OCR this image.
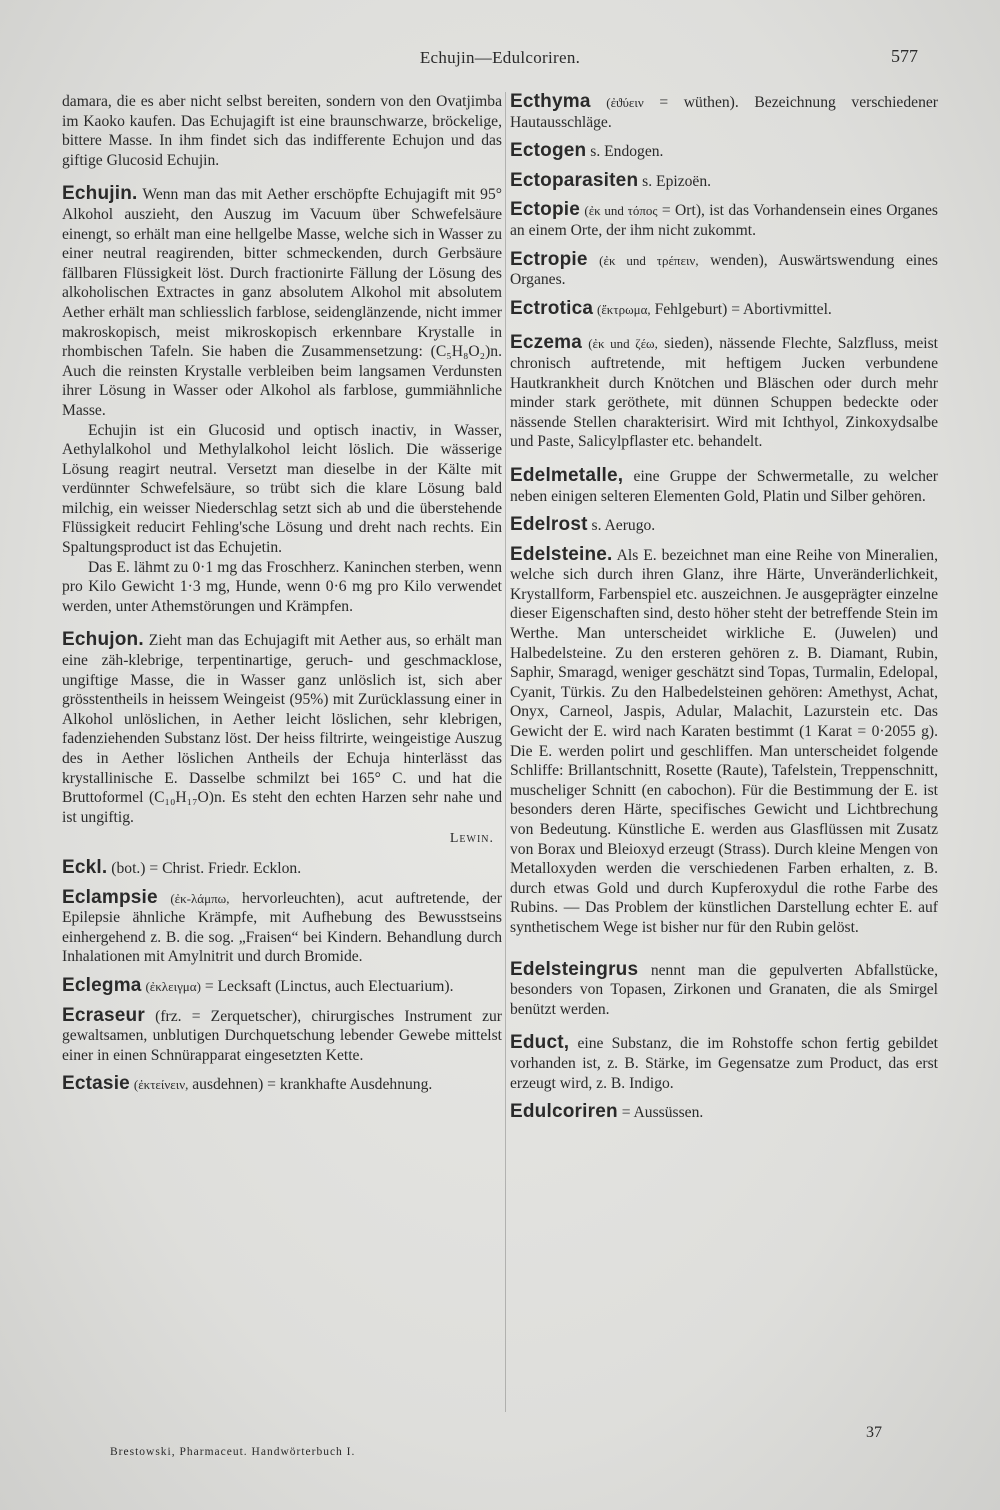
Echujin—Edulcoriren.	577

damara, die es aber nicht selbst bereiten, sondern von den Ovatjimba im Kaoko kaufen. Das Echujagift ist eine braunschwarze, bröckelige, bittere Masse. In ihm findet sich das indifferente Echujon und das giftige Glucosid Echujin.

Echujin. Wenn man das mit Aether erschöpfte Echujagift mit 95° Alkohol auszieht, den Auszug im Vacuum über Schwefelsäure einengt, so erhält man eine hellgelbe Masse, welche sich in Wasser zu einer neutral reagirenden, bitter schmeckenden, durch Gerbsäure fällbaren Flüssigkeit löst. Durch fractionirte Fällung der Lösung des alkoholischen Extractes in ganz absolutem Alkohol mit absolutem Aether erhält man schliesslich farblose, seidenglänzende, nicht immer makroskopisch, meist mikroskopisch erkennbare Krystalle in rhombischen Tafeln. Sie haben die Zusammensetzung: (C₅H₈O₂)n. Auch die reinsten Krystalle verbleiben beim langsamen Verdunsten ihrer Lösung in Wasser oder Alkohol als farblose, gummiähnliche Masse.

Echujin ist ein Glucosid und optisch inactiv, in Wasser, Aethylalkohol und Methylalkohol leicht löslich. Die wässerige Lösung reagirt neutral. Versetzt man dieselbe in der Kälte mit verdünnter Schwefelsäure, so trübt sich die klare Lösung bald milchig, ein weisser Niederschlag setzt sich ab und die überstehende Flüssigkeit reducirt Fehling'sche Lösung und dreht nach rechts. Ein Spaltungsproduct ist das Echujetin.

Das E. lähmt zu 0·1 mg das Froschherz. Kaninchen sterben, wenn pro Kilo Gewicht 1·3 mg, Hunde, wenn 0·6 mg pro Kilo verwendet werden, unter Athemstörungen und Krämpfen.

Echujon. Zieht man das Echujagift mit Aether aus, so erhält man eine zäh-klebrige, terpentinartige, geruch- und geschmacklose, ungiftige Masse, die in Wasser ganz unlöslich ist, sich aber grösstentheils in heissem Weingeist (95%) mit Zurücklassung einer in Alkohol unlöslichen, in Aether leicht löslichen, sehr klebrigen, fadenziehenden Substanz löst. Der heiss filtrirte, weingeistige Auszug des in Aether löslichen Antheils der Echuja hinterlässt das krystallinische E. Dasselbe schmilzt bei 165° C. und hat die Bruttoformel (C₁₀H₁₇O)n. Es steht den echten Harzen sehr nahe und ist ungiftig.

Lewin.

Eckl. (bot.) = Christ. Friedr. Ecklon.

Eclampsie (ἐκ-λάμπω, hervorleuchten), acut auftretende, der Epilepsie ähnliche Krämpfe, mit Aufhebung des Bewusstseins einhergehend z. B. die sog. „Fraisen“ bei Kindern. Behandlung durch Inhalationen mit Amylnitrit und durch Bromide.

Eclegma (ἐκλειγμα) = Lecksaft (Linctus, auch Electuarium).

Ecraseur (frz. = Zerquetscher), chirurgisches Instrument zur gewaltsamen, unblutigen Durchquetschung lebender Gewebe mittelst einer in einen Schnürapparat eingesetzten Kette.

Ectasie (ἐκτείνειν, ausdehnen) = krankhafte Ausdehnung.

Ecthyma (ἐϑύειν = wüthen). Bezeichnung verschiedener Hautausschläge.

Ectogen s. Endogen.

Ectoparasiten s. Epizoën.

Ectopie (ἐκ und τόπος = Ort), ist das Vorhandensein eines Organes an einem Orte, der ihm nicht zukommt.

Ectropie (ἐκ und τρέπειν, wenden), Auswärtswendung eines Organes.

Ectrotica (ἔκτρωμα, Fehlgeburt) = Abortivmittel.

Eczema (ἐκ und ζέω, sieden), nässende Flechte, Salzfluss, meist chronisch auftretende, mit heftigem Jucken verbundene Hautkrankheit durch Knötchen und Bläschen oder durch mehr minder stark geröthete, mit dünnen Schuppen bedeckte oder nässende Stellen charakterisirt. Wird mit Ichthyol, Zinkoxydsalbe und Paste, Salicylpflaster etc. behandelt.

Edelmetalle, eine Gruppe der Schwermetalle, zu welcher neben einigen selteren Elementen Gold, Platin und Silber gehören.

Edelrost s. Aerugo.

Edelsteine. Als E. bezeichnet man eine Reihe von Mineralien, welche sich durch ihren Glanz, ihre Härte, Unveränderlichkeit, Krystallform, Farbenspiel etc. auszeichnen. Je ausgeprägter einzelne dieser Eigenschaften sind, desto höher steht der betreffende Stein im Werthe. Man unterscheidet wirkliche E. (Juwelen) und Halbedelsteine. Zu den ersteren gehören z. B. Diamant, Rubin, Saphir, Smaragd, weniger geschätzt sind Topas, Turmalin, Edelopal, Cyanit, Türkis. Zu den Halbedelsteinen gehören: Amethyst, Achat, Onyx, Carneol, Jaspis, Adular, Malachit, Lazurstein etc. Das Gewicht der E. wird nach Karaten bestimmt (1 Karat = 0·2055 g). Die E. werden polirt und geschliffen. Man unterscheidet folgende Schliffe: Brillantschnitt, Rosette (Raute), Tafelstein, Treppenschnitt, muscheliger Schnitt (en cabochon). Für die Bestimmung der E. ist besonders deren Härte, specifisches Gewicht und Lichtbrechung von Bedeutung. Künstliche E. werden aus Glasflüssen mit Zusatz von Borax und Bleioxyd erzeugt (Strass). Durch kleine Mengen von Metalloxyden werden die verschiedenen Farben erhalten, z. B. durch etwas Gold und durch Kupferoxydul die rothe Farbe des Rubins. — Das Problem der künstlichen Darstellung echter E. auf synthetischem Wege ist bisher nur für den Rubin gelöst.

Edelsteingrus nennt man die gepulverten Abfallstücke, besonders von Topasen, Zirkonen und Granaten, die als Smirgel benützt werden.

Educt, eine Substanz, die im Rohstoffe schon fertig gebildet vorhanden ist, z. B. Stärke, im Gegensatze zum Product, das erst erzeugt wird, z. B. Indigo.

Edulcoriren = Aussüssen.

37
Brestowski, Pharmaceut. Handwörterbuch I.
